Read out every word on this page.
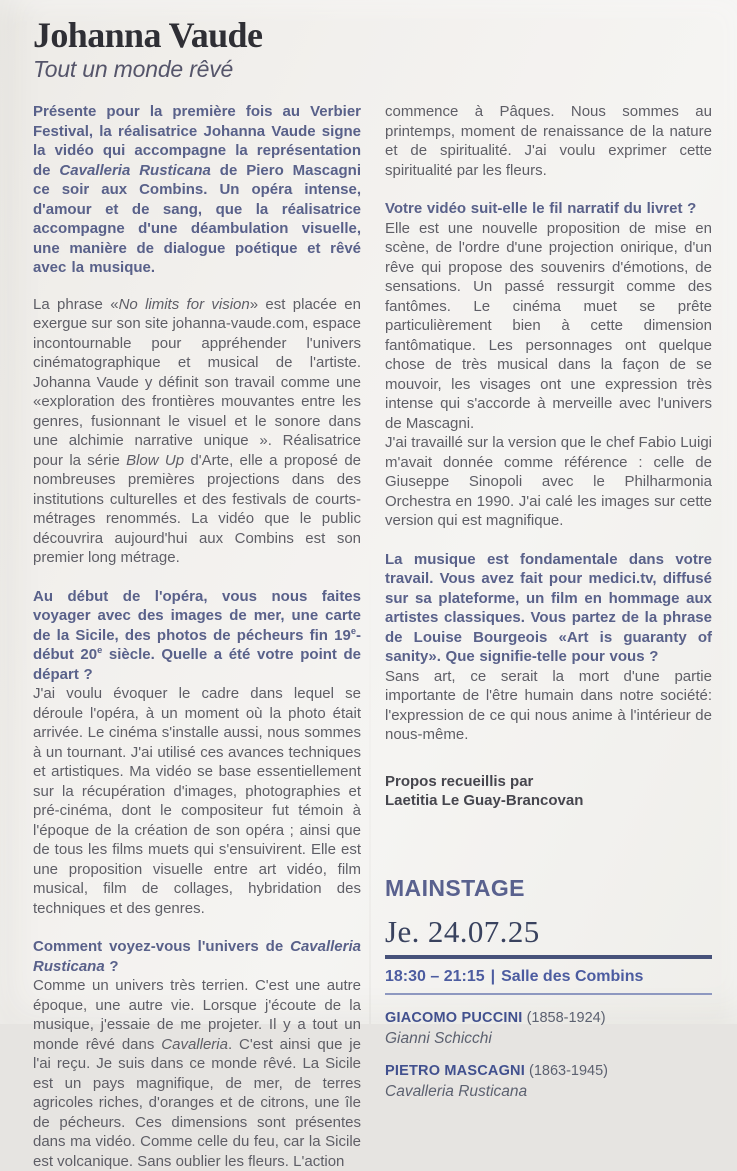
Johanna Vaude
Tout un monde rêvé

Présente pour la première fois au Verbier Festival, la réalisatrice Johanna Vaude signe la vidéo qui accompagne la représentation de Cavalleria Rusticana de Piero Mascagni ce soir aux Combins. Un opéra intense, d'amour et de sang, que la réalisatrice accompagne d'une déambulation visuelle, une manière de dialogue poétique et rêvé avec la musique.

La phrase «No limits for vision» est placée en exergue sur son site johanna-vaude.com, espace incontournable pour appréhender l'univers cinématographique et musical de l'artiste. Johanna Vaude y définit son travail comme une «exploration des frontières mouvantes entre les genres, fusionnant le visuel et le sonore dans une alchimie narrative unique ». Réalisatrice pour la série Blow Up d'Arte, elle a proposé de nombreuses premières projections dans des institutions culturelles et des festivals de courts-métrages renommés. La vidéo que le public découvrira aujourd'hui aux Combins est son premier long métrage.

Au début de l'opéra, vous nous faites voyager avec des images de mer, une carte de la Sicile, des photos de pécheurs fin 19e- début 20e siècle. Quelle a été votre point de départ ?

J'ai voulu évoquer le cadre dans lequel se déroule l'opéra, à un moment où la photo était arrivée. Le cinéma s'installe aussi, nous sommes à un tournant. J'ai utilisé ces avances techniques et artistiques. Ma vidéo se base essentiellement sur la récupération d'images, photographies et pré-cinéma, dont le compositeur fut témoin à l'époque de la création de son opéra ; ainsi que de tous les films muets qui s'ensuivirent. Elle est une proposition visuelle entre art vidéo, film musical, film de collages, hybridation des techniques et des genres.

Comment voyez-vous l'univers de Cavalleria Rusticana ?

Comme un univers très terrien. C'est une autre époque, une autre vie. Lorsque j'écoute de la musique, j'essaie de me projeter. Il y a tout un monde rêvé dans Cavalleria. C'est ainsi que je l'ai reçu. Je suis dans ce monde rêvé. La Sicile est un pays magnifique, de mer, de terres agricoles riches, d'oranges et de citrons, une île de pécheurs. Ces dimensions sont présentes dans ma vidéo. Comme celle du feu, car la Sicile est volcanique. Sans oublier les fleurs. L'action

commence à Pâques. Nous sommes au printemps, moment de renaissance de la nature et de spiritualité. J'ai voulu exprimer cette spiritualité par les fleurs.

Votre vidéo suit-elle le fil narratif du livret ?

Elle est une nouvelle proposition de mise en scène, de l'ordre d'une projection onirique, d'un rêve qui propose des souvenirs d'émotions, de sensations. Un passé ressurgit comme des fantômes. Le cinéma muet se prête particulièrement bien à cette dimension fantômatique. Les personnages ont quelque chose de très musical dans la façon de se mouvoir, les visages ont une expression très intense qui s'accorde à merveille avec l'univers de Mascagni.

J'ai travaillé sur la version que le chef Fabio Luigi m'avait donnée comme référence : celle de Giuseppe Sinopoli avec le Philharmonia Orchestra en 1990. J'ai calé les images sur cette version qui est magnifique.

La musique est fondamentale dans votre travail. Vous avez fait pour medici.tv, diffusé sur sa plateforme, un film en hommage aux artistes classiques. Vous partez de la phrase de Louise Bourgeois «Art is guaranty of sanity». Que signifie-telle pour vous ?

Sans art, ce serait la mort d'une partie importante de l'être humain dans notre société: l'expression de ce qui nous anime à l'intérieur de nous-même.

Propos recueillis par
Laetitia Le Guay-Brancovan

MAINSTAGE
Je. 24.07.25
18:30 – 21:15 | Salle des Combins
GIACOMO PUCCINI (1858-1924)
Gianni Schicchi
PIETRO MASCAGNI (1863-1945)
Cavalleria Rusticana
